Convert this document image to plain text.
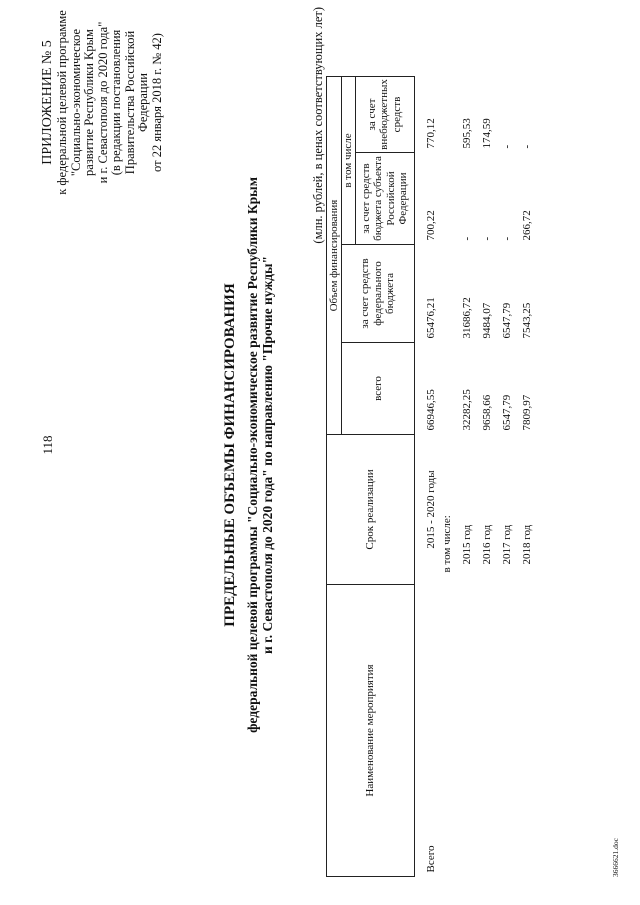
118
ПРИЛОЖЕНИЕ № 5 к федеральной целевой программе "Социально-экономическое развитие Республики Крым и г. Севастополя до 2020 года" (в редакции постановления Правительства Российской Федерации от 22 января 2018 г. № 42)
ПРЕДЕЛЬНЫЕ ОБЪЕМЫ ФИНАНСИРОВАНИЯ федеральной целевой программы "Социально-экономическое развитие Республики Крым и г. Севастополя до 2020 года" по направлению "Прочие нужды"
(млн. рублей, в ценах соответствующих лет)
Наименование мероприятия	Срок реализации	Объем финансирования			
		всего	за счет средств федерального бюджета	в том числе	
				за счет средств бюджета субъекта Российской Федерации	за счет внебюджетных средств
Всего	2015 - 2020 годы	66946,55	65476,21	700,22	770,12
	в том числе:				
	2015 год	32282,25	31686,72	-	595,53
	2016 год	9658,66	9484,07	-	174,59
	2017 год	6547,79	6547,79	-	-
	2018 год	7809,97	7543,25	266,72	-
3666621.doc
